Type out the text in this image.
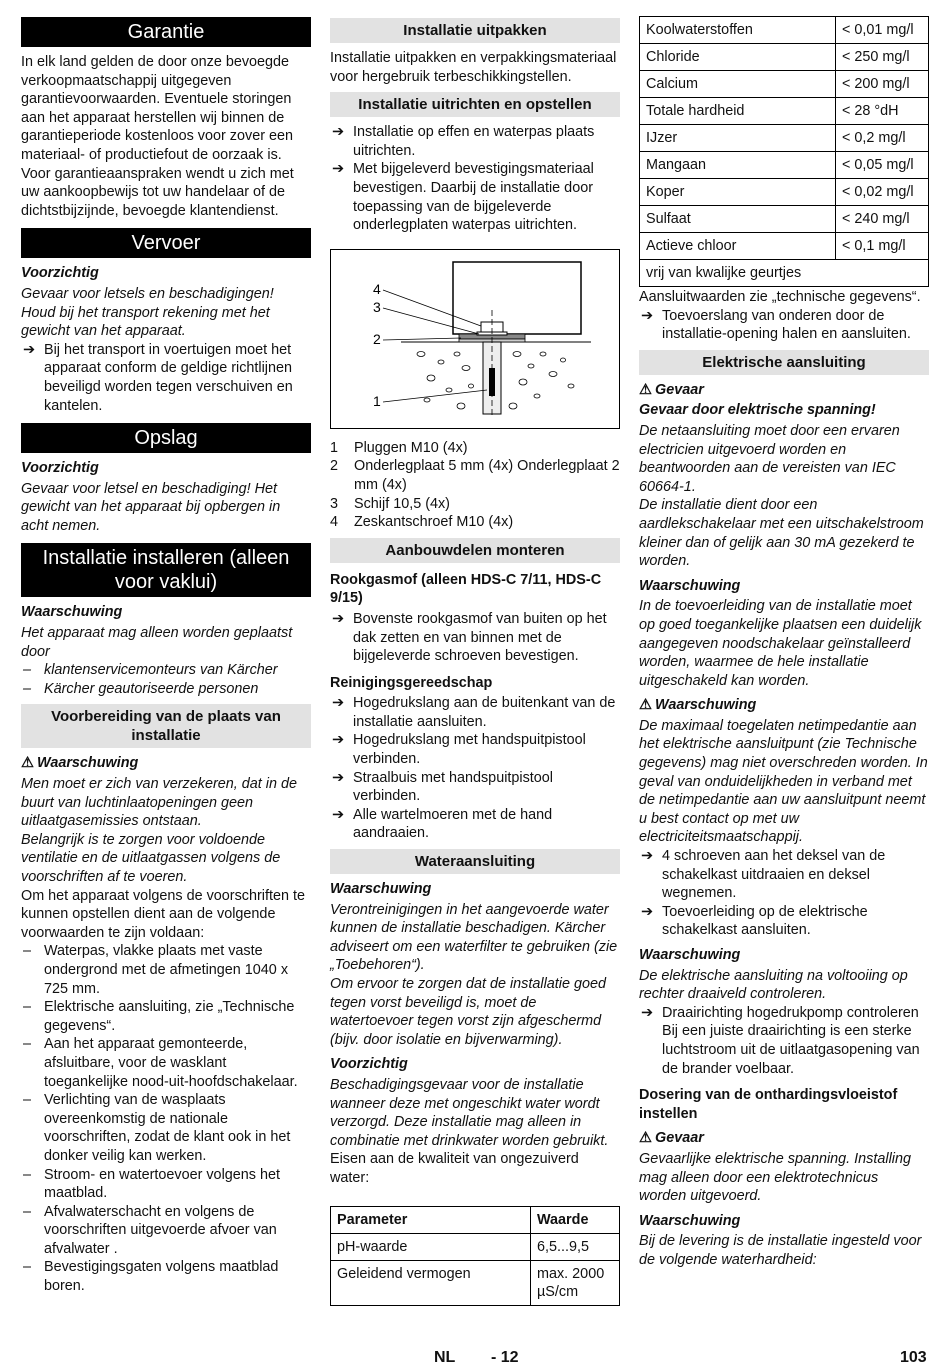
Garantie

In elk land gelden de door onze bevoegde verkoopmaatschappij uitgegeven garantievoorwaarden. Eventuele storingen aan het apparaat herstellen wij binnen de garantieperiode kostenloos voor zover een materiaal- of productiefout de oorzaak is. Voor garantieaanspraken wendt u zich met uw aankoopbewijs tot uw handelaar of de dichtstbijzijnde, bevoegde klantendienst.

Vervoer

Voorzichtig

Gevaar voor letsels en beschadigingen! Houd bij het transport rekening met het gewicht van het apparaat.

➔ Bij het transport in voertuigen moet het apparaat conform de geldige richtlijnen beveiligd worden tegen verschuiven en kantelen.
Opslag

Voorzichtig

Gevaar voor letsel en beschadiging! Het gewicht van het apparaat bij opbergen in acht nemen.

Installatie installeren (alleen voor vaklui)

Waarschuwing

Het apparaat mag alleen worden geplaatst door

– klantenservicemonteurs van Kärcher
– Kärcher geautoriseerde personen
Voorbereiding van de plaats van installatie

⚠ Waarschuwing

Men moet er zich van verzekeren, dat in de buurt van luchtinlaatopeningen geen uitlaatgasemissies ontstaan.

Belangrijk is te zorgen voor voldoende ventilatie en de uitlaatgassen volgens de voorschriften af te voeren.

Om het apparaat volgens de voorschriften te kunnen opstellen dient aan de volgende voorwaarden te zijn voldaan:

– Waterpas, vlakke plaats met vaste ondergrond met de afmetingen 1040 x 725 mm.
– Elektrische aansluiting, zie „Technische gegevens“.
– Aan het apparaat gemonteerde, afsluitbare, voor de wasklant toegankelijke nood-uit-hoofdschakelaar.
– Verlichting van de wasplaats overeenkomstig de nationale voorschriften, zodat de klant ook in het donker veilig kan werken.
– Stroom- en watertoevoer volgens het maatblad.
– Afvalwaterschacht en volgens de voorschriften uitgevoerde afvoer van afvalwater .
– Bevestigingsgaten volgens maatblad boren.
Installatie uitpakken

Installatie uitpakken en verpakkingsmateriaal voor hergebruik terbeschikkingstellen.

Installatie uitrichten en opstellen
➔ Installatie op effen en waterpas plaats uitrichten.
➔ Met bijgeleverd bevestigingsmateriaal bevestigen. Daarbij de installatie door toepassing van de bijgeleverde onderlegplaten waterpas uitrichten.
4
3
2
1
1 Pluggen M10 (4x)
2 Onderlegplaat 5 mm (4x) Onderlegplaat 2 mm (4x)
3 Schijf 10,5 (4x)
4 Zeskantschroef M10 (4x)
Aanbouwdelen monteren

Rookgasmof (alleen HDS-C 7/11, HDS-C 9/15)

➔ Bovenste rookgasmof van buiten op het dak zetten en van binnen met de bijgeleverde schroeven bevestigen.

Reinigingsgereedschap

➔ Hogedrukslang aan de buitenkant van de installatie aansluiten.
➔ Hogedrukslang met handspuitpistool verbinden.
➔ Straalbuis met handspuitpistool verbinden.
➔ Alle wartelmoeren met de hand aandraaien.
Wateraansluiting

Waarschuwing

Verontreinigingen in het aangevoerde water kunnen de installatie beschadigen. Kärcher adviseert om een waterfilter te gebruiken (zie „Toebehoren“).

Om ervoor te zorgen dat de installatie goed tegen vorst beveiligd is, moet de watertoevoer tegen vorst zijn afgeschermd (bijv. door isolatie en bijverwarming).

Voorzichtig

Beschadigingsgevaar voor de installatie wanneer deze met ongeschikt water wordt verzorgd. Deze installatie mag alleen in combinatie met drinkwater worden gebruikt.

Eisen aan de kwaliteit van ongezuiverd water:

Parameter	Waarde
pH-waarde	6,5...9,5
Geleidend vermogen	max. 2000 µS/cm
Koolwaterstoffen	< 0,01 mg/l
Chloride	< 250 mg/l
Calcium	< 200 mg/l
Totale hardheid	< 28 °dH
IJzer	< 0,2 mg/l
Mangaan	< 0,05 mg/l
Koper	< 0,02 mg/l
Sulfaat	< 240 mg/l
Actieve chloor	< 0,1 mg/l
vrij van kwalijke geurtjes	

Aansluitwaarden zie „technische gegevens“.

➔ Toevoerslang van onderen door de installatie-opening halen en aansluiten.
Elektrische aansluiting

⚠ Gevaar

Gevaar door elektrische spanning!

De netaansluiting moet door een ervaren electricien uitgevoerd worden en beantwoorden aan de vereisten van IEC 60664-1.

De installatie dient door een aardlekschakelaar met een uitschakelstroom kleiner dan of gelijk aan 30 mA gezekerd te worden.

Waarschuwing

In de toevoerleiding van de installatie moet op goed toegankelijke plaatsen een duidelijk aangegeven noodschakelaar geïnstalleerd worden, waarmee de hele installatie uitgeschakeld kan worden.

⚠ Waarschuwing

De maximaal toegelaten netimpedantie aan het elektrische aansluitpunt (zie Technische gegevens) mag niet overschreden worden. In geval van onduidelijkheden in verband met de netimpedantie aan uw aansluitpunt neemt u best contact op met uw electriciteitsmaatschappij.

➔ 4 schroeven aan het deksel van de schakelkast uitdraaien en deksel wegnemen.
➔ Toevoerleiding op de elektrische schakelkast aansluiten.

Waarschuwing

De elektrische aansluiting na voltooiing op rechter draaiveld controleren.

➔ Draairichting hogedrukpomp controleren Bij een juiste draairichting is een sterke luchtstroom uit de uitlaatgasopening van de brander voelbaar.

Dosering van de onthardingsvloeistof instellen

⚠ Gevaar

Gevaarlijke elektrische spanning. Installing mag alleen door een elektrotechnicus worden uitgevoerd.

Waarschuwing

Bij de levering is de installatie ingesteld voor de volgende waterhardheid:

NL - 12	103
